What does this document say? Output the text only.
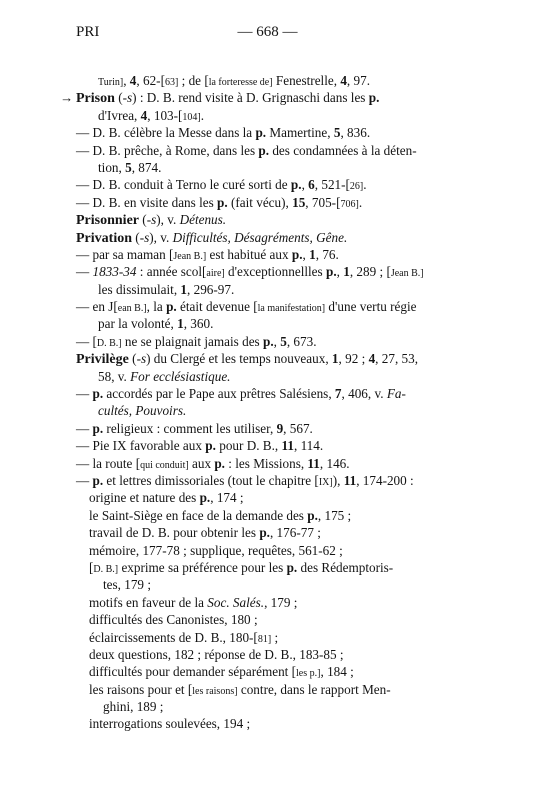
PRI	— 668 —
Turin], 4, 62-[63] ; de [la forteresse de] Fenestrelle, 4, 97.
→ Prison (-s) : D. B. rend visite à D. Grignaschi dans les p.
d'Ivrea, 4, 103-[104].
— D. B. célèbre la Messe dans la p. Mamertine, 5, 836.
— D. B. prêche, à Rome, dans les p. des condamnées à la déten-
tion, 5, 874.
— D. B. conduit à Terno le curé sorti de p., 6, 521-[26].
— D. B. en visite dans les p. (fait vécu), 15, 705-[706].
Prisonnier (-s), v. Détenus.
Privation (-s), v. Difficultés, Désagréments, Gêne.
— par sa maman [Jean B.] est habitué aux p., 1, 76.
— 1833-34 : année scol[aire] d'exceptionnellles p., 1, 289 ; [Jean B.]
les dissimulait, 1, 296-97.
— en J[ean B.], la p. était devenue [la manifestation] d'une vertu régie
par la volonté, 1, 360.
— [D. B.] ne se plaignait jamais des p., 5, 673.
Privilège (-s) du Clergé et les temps nouveaux, 1, 92 ; 4, 27, 53,
58, v. For ecclésiastique.
— p. accordés par le Pape aux prêtres Salésiens, 7, 406, v. Fa-
cultés, Pouvoirs.
— p. religieux : comment les utiliser, 9, 567.
— Pie IX favorable aux p. pour D. B., 11, 114.
— la route [qui conduit] aux p. : les Missions, 11, 146.
— p. et lettres dimissoriales (tout le chapitre [IX]), 11, 174-200 :
origine et nature des p., 174 ;
le Saint-Siège en face de la demande des p., 175 ;
travail de D. B. pour obtenir les p., 176-77 ;
mémoire, 177-78 ; supplique, requêtes, 561-62 ;
[D. B.] exprime sa préférence pour les p. des Rédemptoris-
tes, 179 ;
motifs en faveur de la Soc. Salés., 179 ;
difficultés des Canonistes, 180 ;
éclaircissements de D. B., 180-[81] ;
deux questions, 182 ; réponse de D. B., 183-85 ;
difficultés pour demander séparément [les p.], 184 ;
les raisons pour et [les raisons] contre, dans le rapport Men-
ghini, 189 ;
interrogations soulevées, 194 ;
